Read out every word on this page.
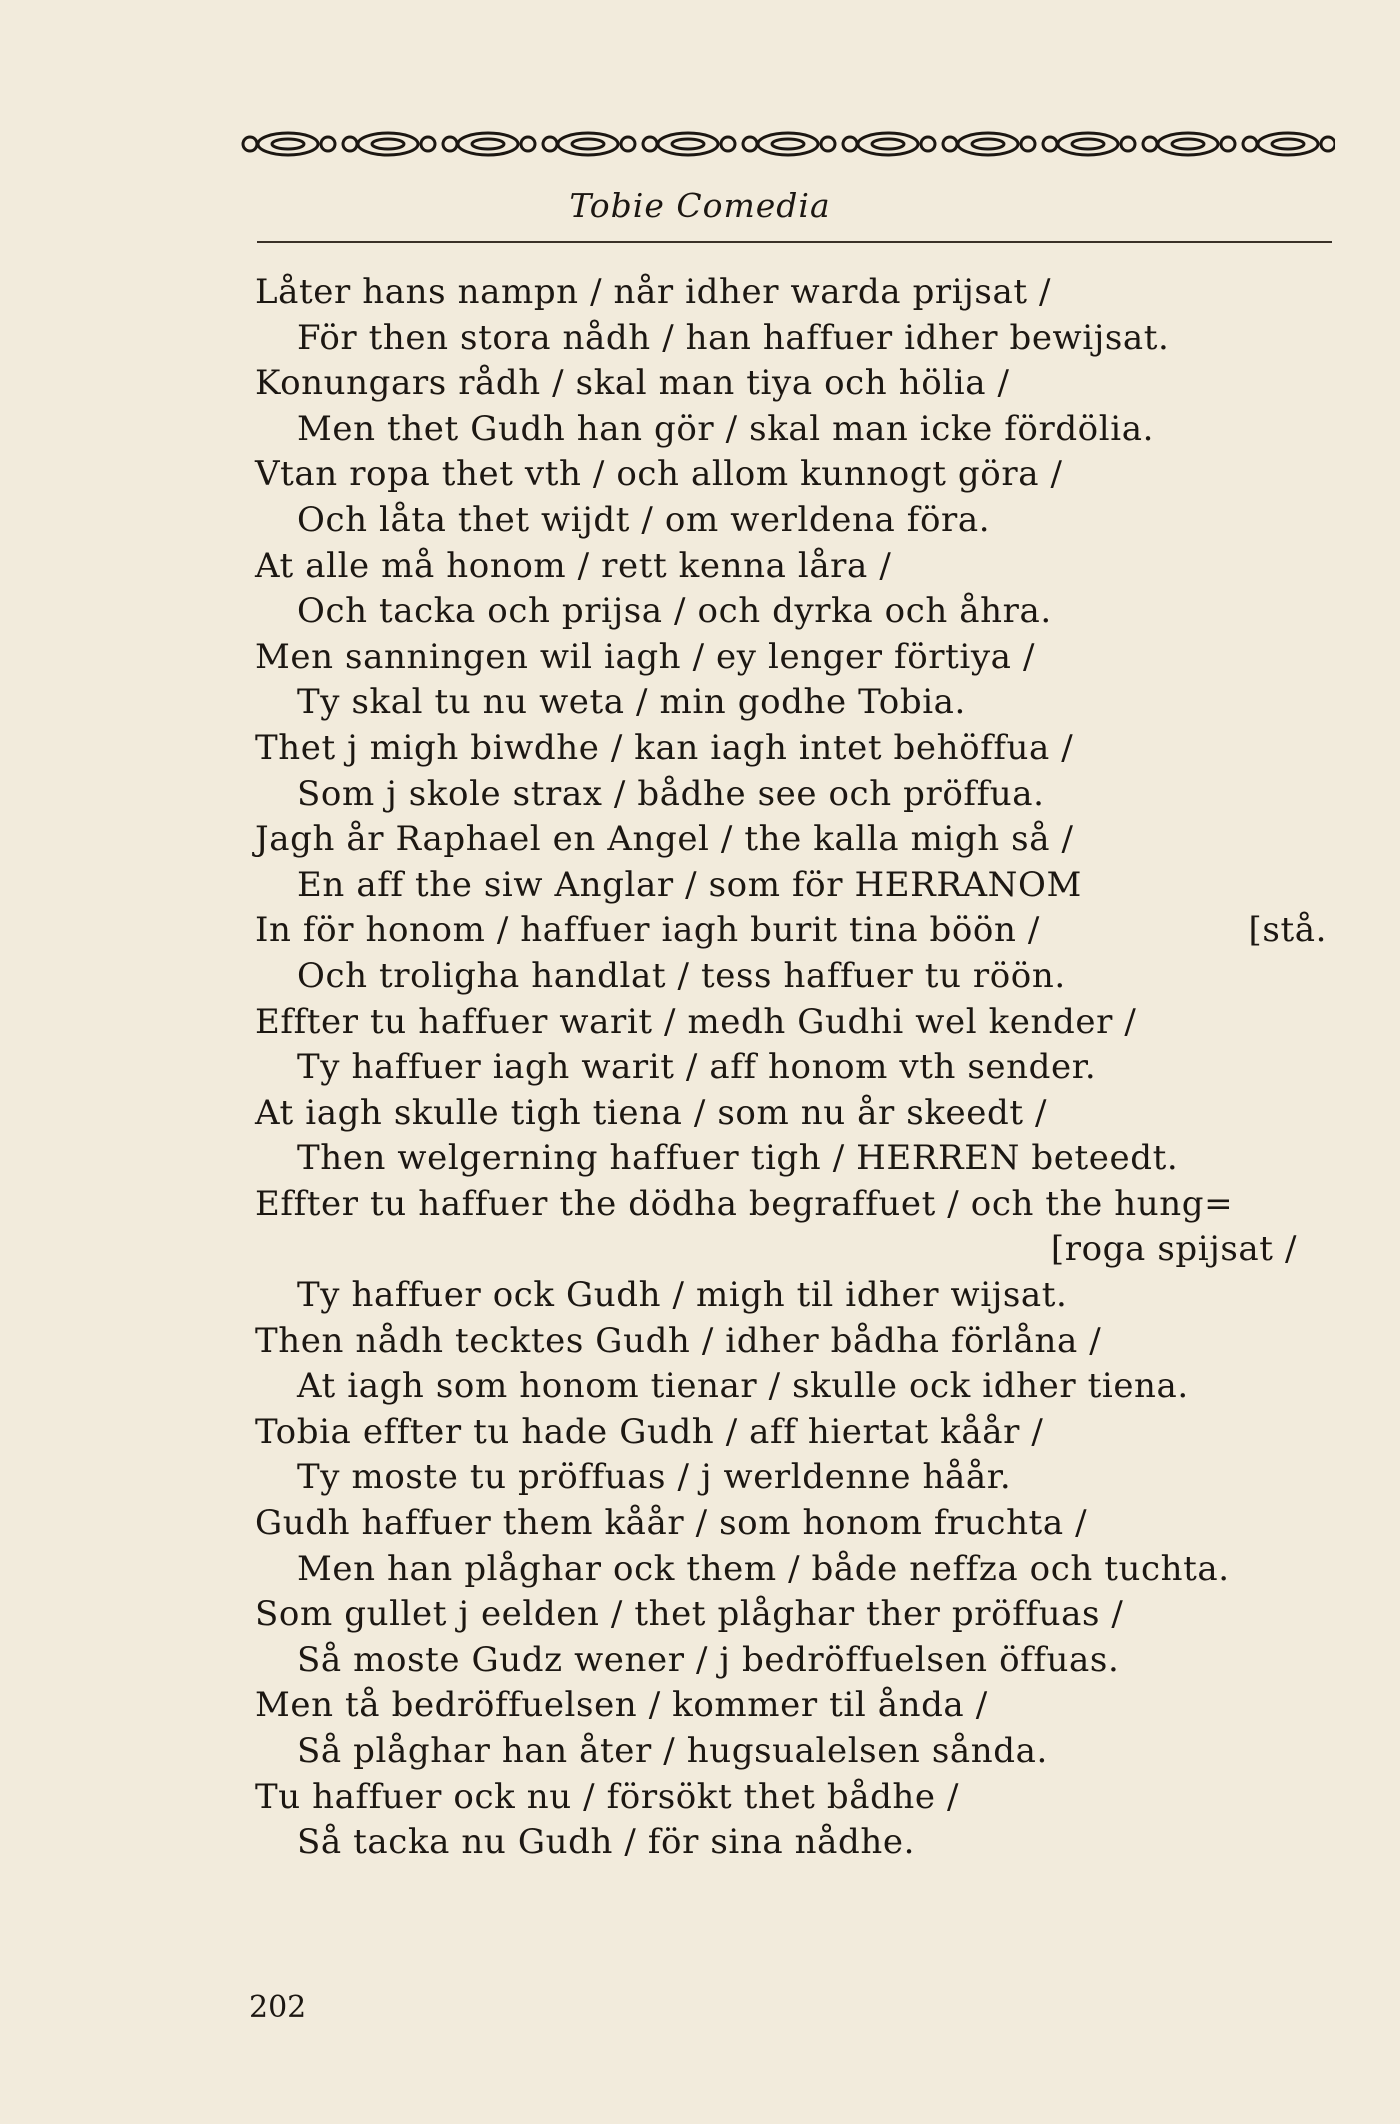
Tobie Comedia
Låter hans nampn / når idher warda prijsat /
För then stora nådh / han haffuer idher bewijsat.
Konungars rådh / skal man tiya och hölia /
Men thet Gudh han gör / skal man icke fördölia.
Vtan ropa thet vth / och allom kunnogt göra /
Och låta thet wijdt / om werldena föra.
At alle må honom / rett kenna låra /
Och tacka och prijsa / och dyrka och åhra.
Men sanningen wil iagh / ey lenger förtiya /
Ty skal tu nu weta / min godhe Tobia.
Thet j migh biwdhe / kan iagh intet behöffua /
Som j skole strax / bådhe see och pröffua.
Jagh år Raphael en Angel / the kalla migh så /
En aff the siw Anglar / som för HERRANOM
In för honom / haffuer iagh burit tina böön /	[stå.
Och troligha handlat / tess haffuer tu röön.
Effter tu haffuer warit / medh Gudhi wel kender /
Ty haffuer iagh warit / aff honom vth sender.
At iagh skulle tigh tiena / som nu år skeedt /
Then welgerning haffuer tigh / HERREN beteedt.
Effter tu haffuer the dödha begraffuet / och the hung=
[roga spijsat /
Ty haffuer ock Gudh / migh til idher wijsat.
Then nådh tecktes Gudh / idher bådha förlåna /
At iagh som honom tienar / skulle ock idher tiena.
Tobia effter tu hade Gudh / aff hiertat kåår /
Ty moste tu pröffuas / j werldenne håår.
Gudh haffuer them kåår / som honom fruchta /
Men han plåghar ock them / både neffza och tuchta.
Som gullet j eelden / thet plåghar ther pröffuas /
Så moste Gudz wener / j bedröffuelsen öffuas.
Men tå bedröffuelsen / kommer til ånda /
Så plåghar han åter / hugsualelsen sånda.
Tu haffuer ock nu / försökt thet bådhe /
Så tacka nu Gudh / för sina nådhe.
202
